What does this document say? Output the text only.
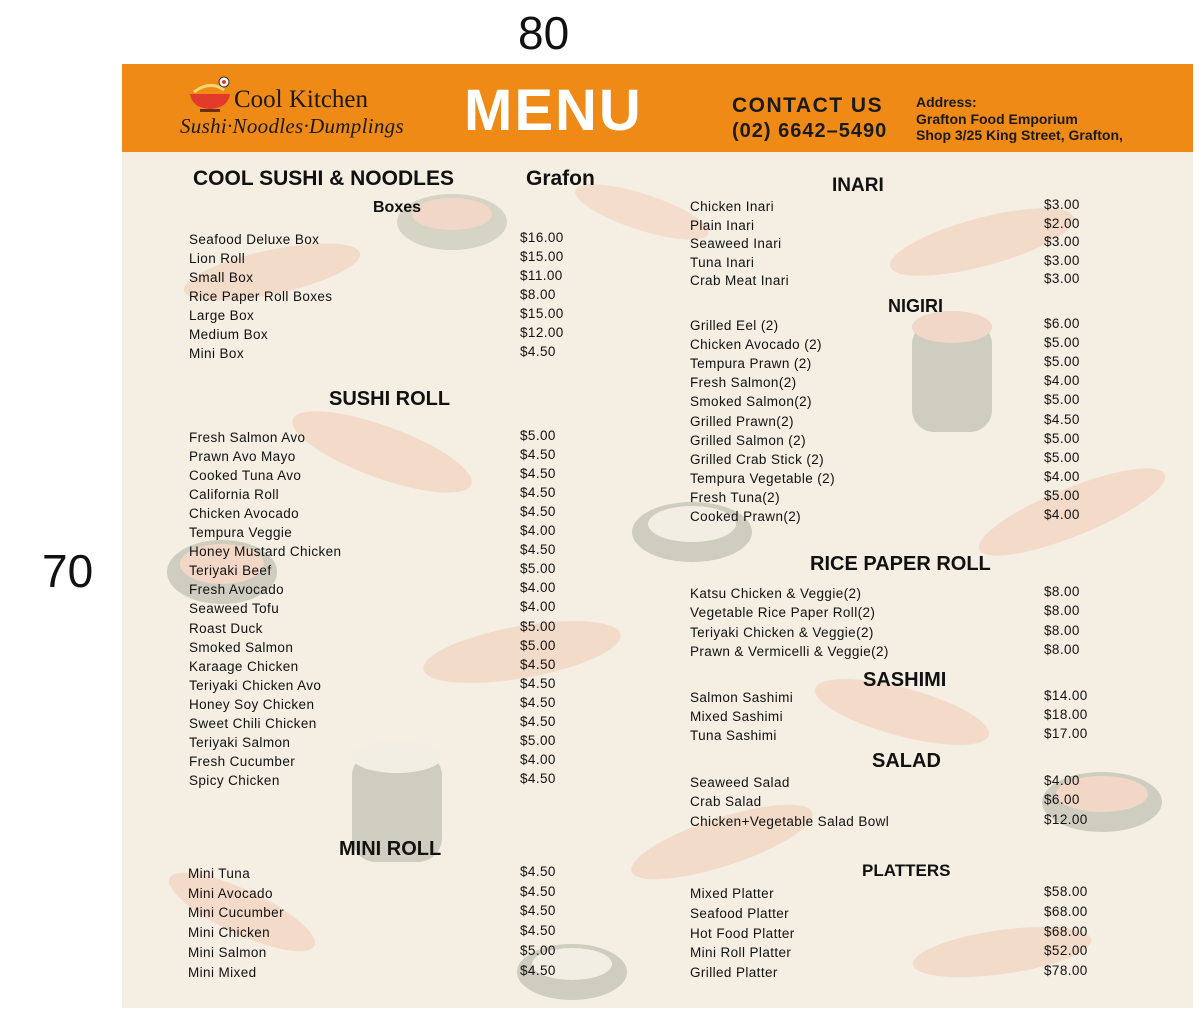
80
70
Cool Kitchen
Sushi·Noodles·Dumplings MENU	CONTACT US
(02) 6642–5490
Address:
Grafton Food Emporium
Shop 3/25 King Street, Grafton,
COOL SUSHI & NOODLES	Grafon
Boxes
Seafood Deluxe Box	$16.00
Lion Roll	$15.00
Small Box	$11.00
Rice Paper Roll Boxes	$8.00
Large Box	$15.00
Medium Box	$12.00
Mini Box	$4.50
SUSHI ROLL
Fresh Salmon Avo	$5.00
Prawn Avo Mayo	$4.50
Cooked Tuna Avo	$4.50
California Roll	$4.50
Chicken Avocado	$4.50
Tempura Veggie	$4.00
Honey Mustard Chicken	$4.50
Teriyaki Beef	$5.00
Fresh Avocado	$4.00
Seaweed Tofu	$4.00
Roast Duck	$5.00
Smoked Salmon	$5.00
Karaage Chicken	$4.50
Teriyaki Chicken Avo	$4.50
Honey Soy Chicken	$4.50
Sweet Chili Chicken	$4.50
Teriyaki Salmon	$5.00
Fresh Cucumber	$4.00
Spicy Chicken	$4.50
MINI ROLL
Mini Tuna	$4.50
Mini Avocado	$4.50
Mini Cucumber	$4.50
Mini Chicken	$4.50
Mini Salmon	$5.00
Mini Mixed	$4.50
INARI
Chicken Inari	$3.00
Plain Inari	$2.00
Seaweed Inari	$3.00
Tuna Inari	$3.00
Crab Meat Inari	$3.00
NIGIRI
Grilled Eel (2)	$6.00
Chicken Avocado (2)	$5.00
Tempura Prawn (2)	$5.00
Fresh Salmon(2)	$4.00
Smoked Salmon(2)	$5.00
Grilled Prawn(2)	$4.50
Grilled Salmon (2)	$5.00
Grilled Crab Stick (2)	$5.00
Tempura Vegetable (2)	$4.00
Fresh Tuna(2)	$5.00
Cooked Prawn(2)	$4.00
RICE PAPER ROLL
Katsu Chicken & Veggie(2)	$8.00
Vegetable Rice Paper Roll(2)	$8.00
Teriyaki Chicken & Veggie(2)	$8.00
Prawn & Vermicelli & Veggie(2)	$8.00
SASHIMI
Salmon Sashimi	$14.00
Mixed Sashimi	$18.00
Tuna Sashimi	$17.00
SALAD
Seaweed Salad	$4.00
Crab Salad	$6.00
Chicken+Vegetable Salad Bowl	$12.00
PLATTERS
Mixed Platter	$58.00
Seafood Platter	$68.00
Hot Food Platter	$68.00
Mini Roll Platter	$52.00
Grilled Platter	$78.00
